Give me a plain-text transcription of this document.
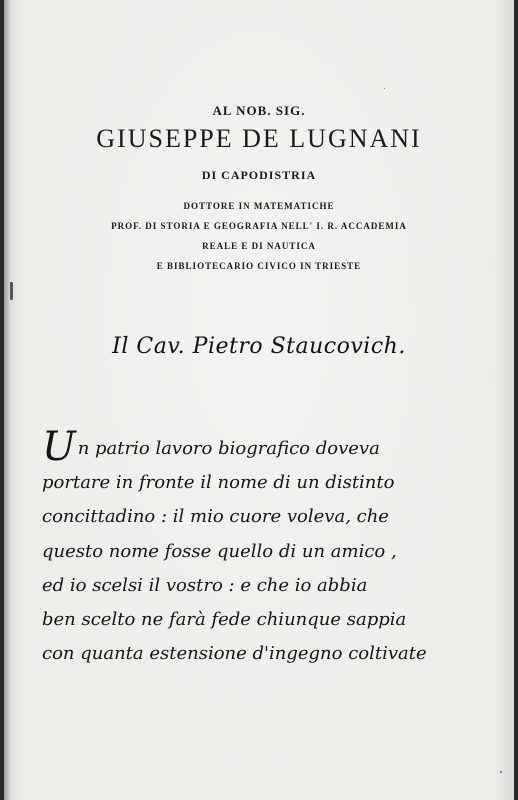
AL NOB. SIG.
GIUSEPPE DE LUGNANI
DI CAPODISTRIA
DOTTORE IN MATEMATICHE
PROF. DI STORIA E GEOGRAFIA NELL' I. R. ACCADEMIA
REALE E DI NAUTICA
E BIBLIOTECARIO CIVICO IN TRIESTE
Il Cav. Pietro Staucovich.
Un patrio lavoro biografico doveva
portare in fronte il nome di un distinto
concittadino : il mio cuore voleva, che
questo nome fosse quello di un amico ,
ed io scelsi il vostro : e che io abbia
ben scelto ne farà fede chiunque sappia
con quanta estensione d'ingegno coltivate
